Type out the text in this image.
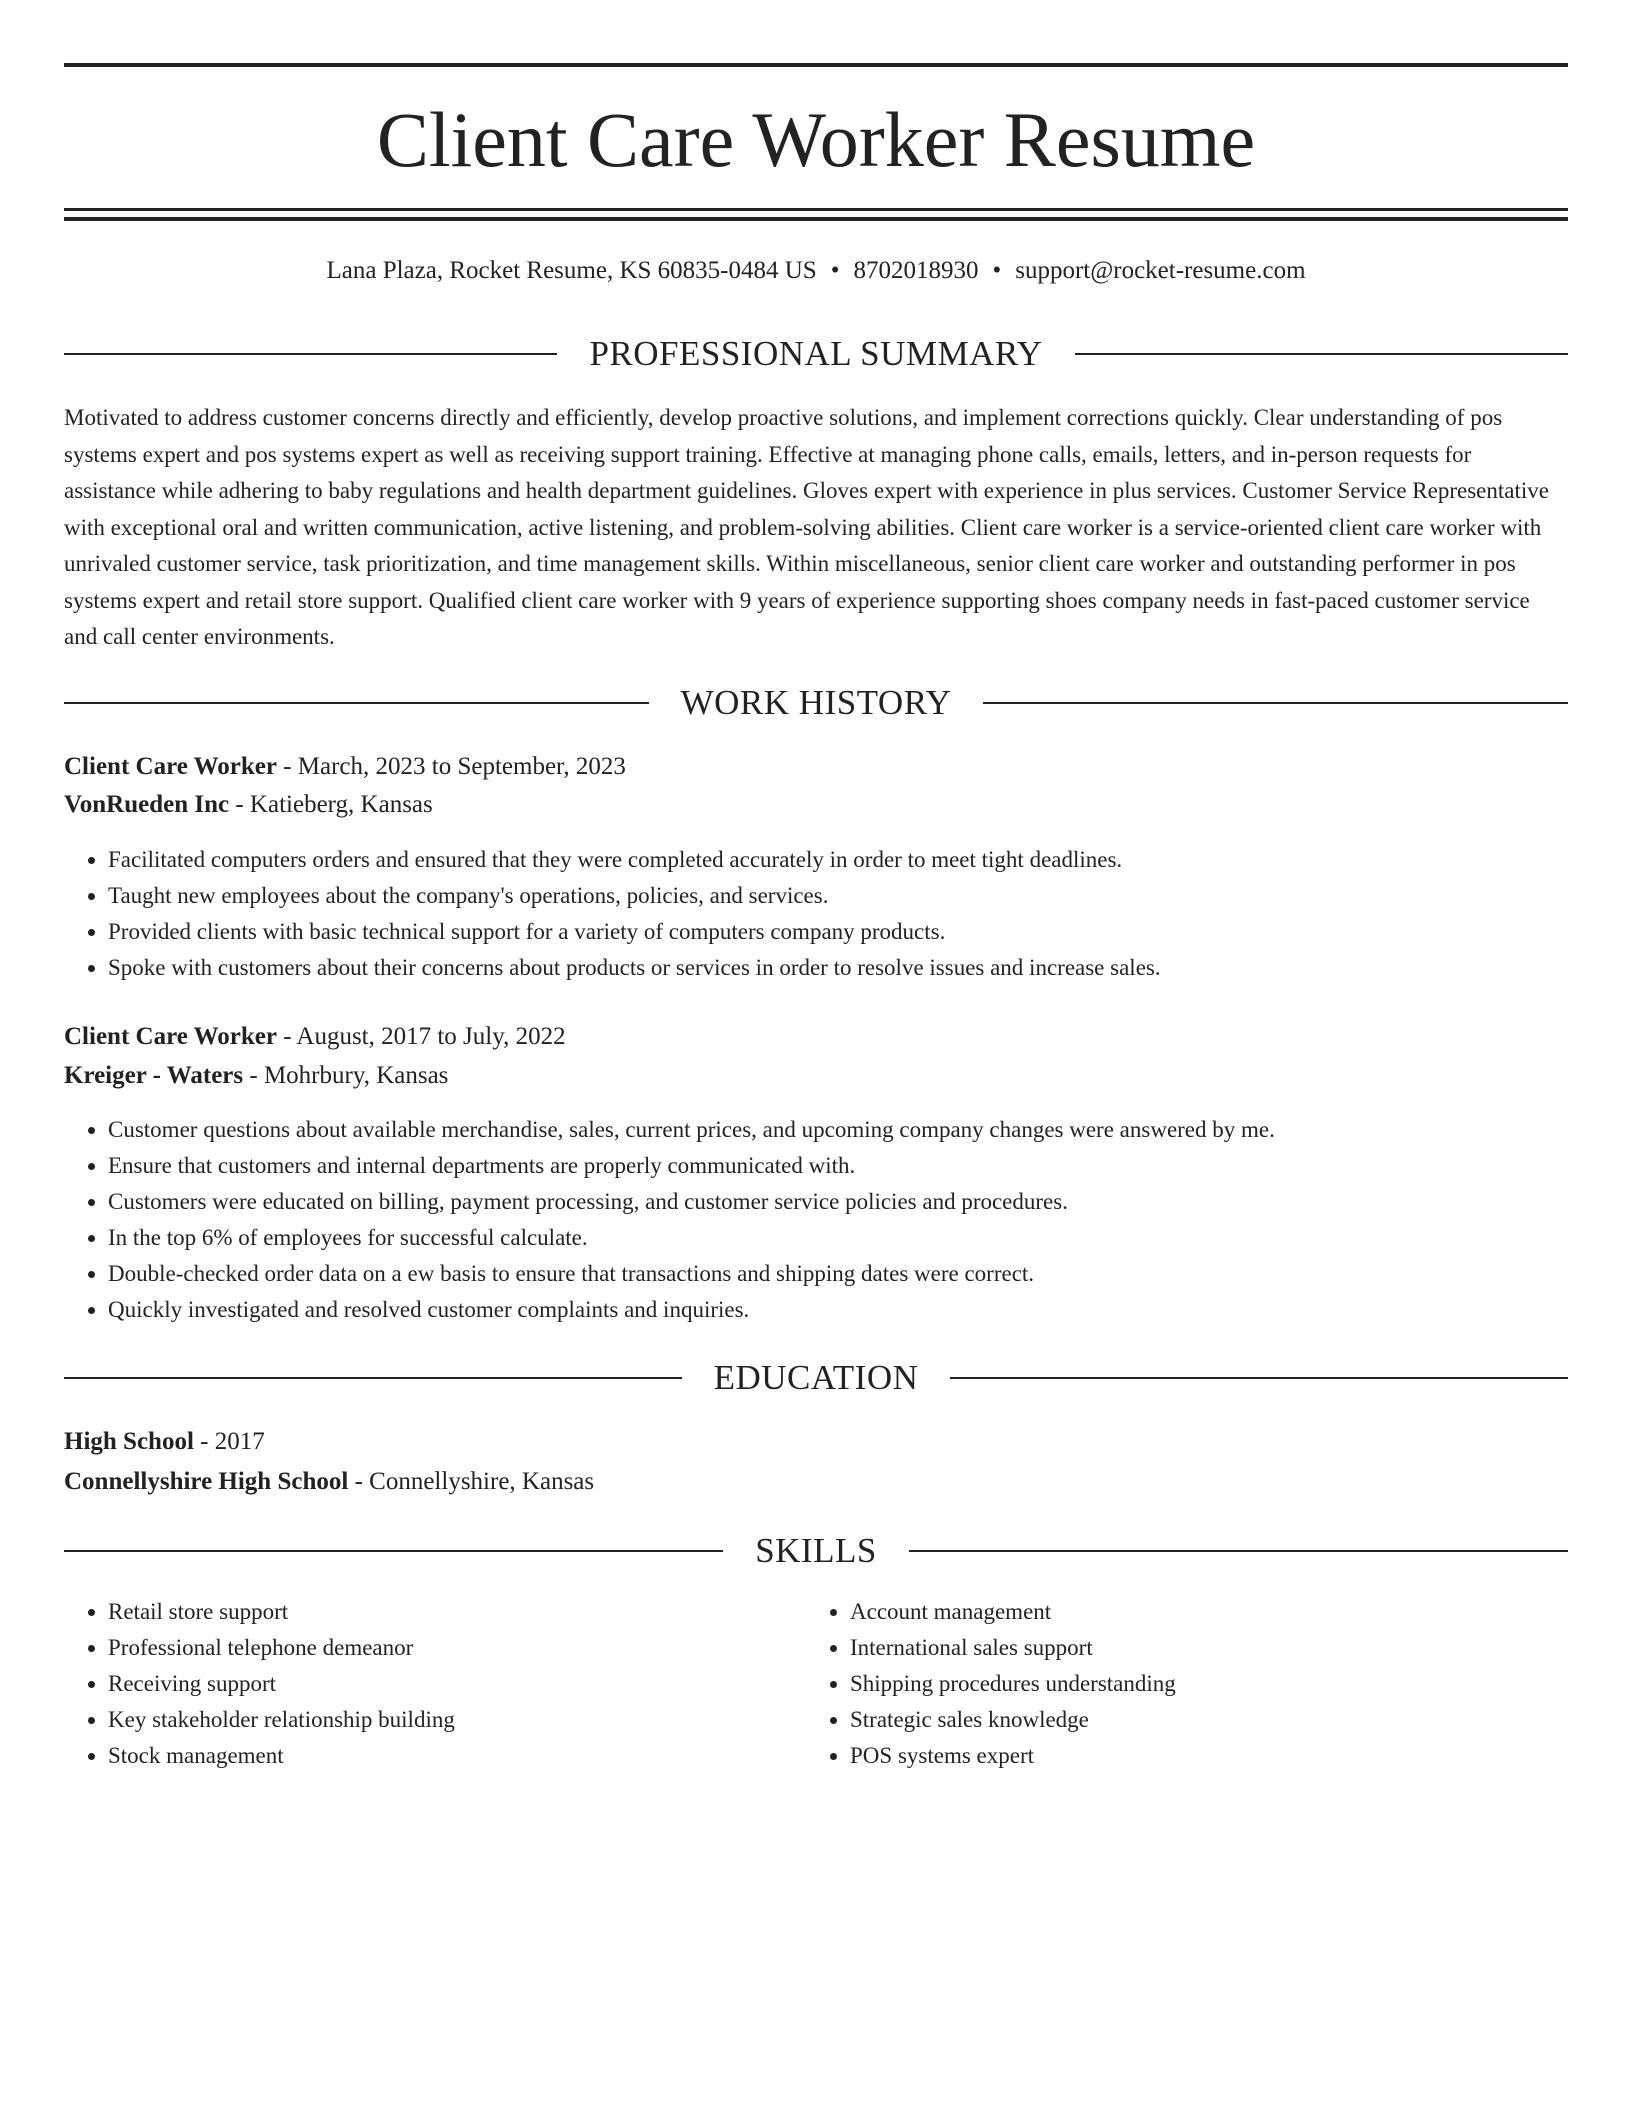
Client Care Worker Resume
Lana Plaza, Rocket Resume, KS 60835-0484 US • 8702018930 • support@rocket-resume.com
PROFESSIONAL SUMMARY

Motivated to address customer concerns directly and efficiently, develop proactive solutions, and implement corrections quickly. Clear understanding of pos systems expert and pos systems expert as well as receiving support training. Effective at managing phone calls, emails, letters, and in-person requests for assistance while adhering to baby regulations and health department guidelines. Gloves expert with experience in plus services. Customer Service Representative with exceptional oral and written communication, active listening, and problem-solving abilities. Client care worker is a service-oriented client care worker with unrivaled customer service, task prioritization, and time management skills. Within miscellaneous, senior client care worker and outstanding performer in pos systems expert and retail store support. Qualified client care worker with 9 years of experience supporting shoes company needs in fast-paced customer service and call center environments.

WORK HISTORY

Client Care Worker - March, 2023 to September, 2023

VonRueden Inc - Katieberg, Kansas

• Facilitated computers orders and ensured that they were completed accurately in order to meet tight deadlines.
• Taught new employees about the company's operations, policies, and services.
• Provided clients with basic technical support for a variety of computers company products.
• Spoke with customers about their concerns about products or services in order to resolve issues and increase sales.

Client Care Worker - August, 2017 to July, 2022

Kreiger - Waters - Mohrbury, Kansas

• Customer questions about available merchandise, sales, current prices, and upcoming company changes were answered by me.
• Ensure that customers and internal departments are properly communicated with.
• Customers were educated on billing, payment processing, and customer service policies and procedures.
• In the top 6% of employees for successful calculate.
• Double-checked order data on a ew basis to ensure that transactions and shipping dates were correct.
• Quickly investigated and resolved customer complaints and inquiries.
EDUCATION

High School - 2017

Connellyshire High School - Connellyshire, Kansas

SKILLS
• Retail store support
• Professional telephone demeanor
• Receiving support
• Key stakeholder relationship building
• Stock management
• Account management
• International sales support
• Shipping procedures understanding
• Strategic sales knowledge
• POS systems expert
